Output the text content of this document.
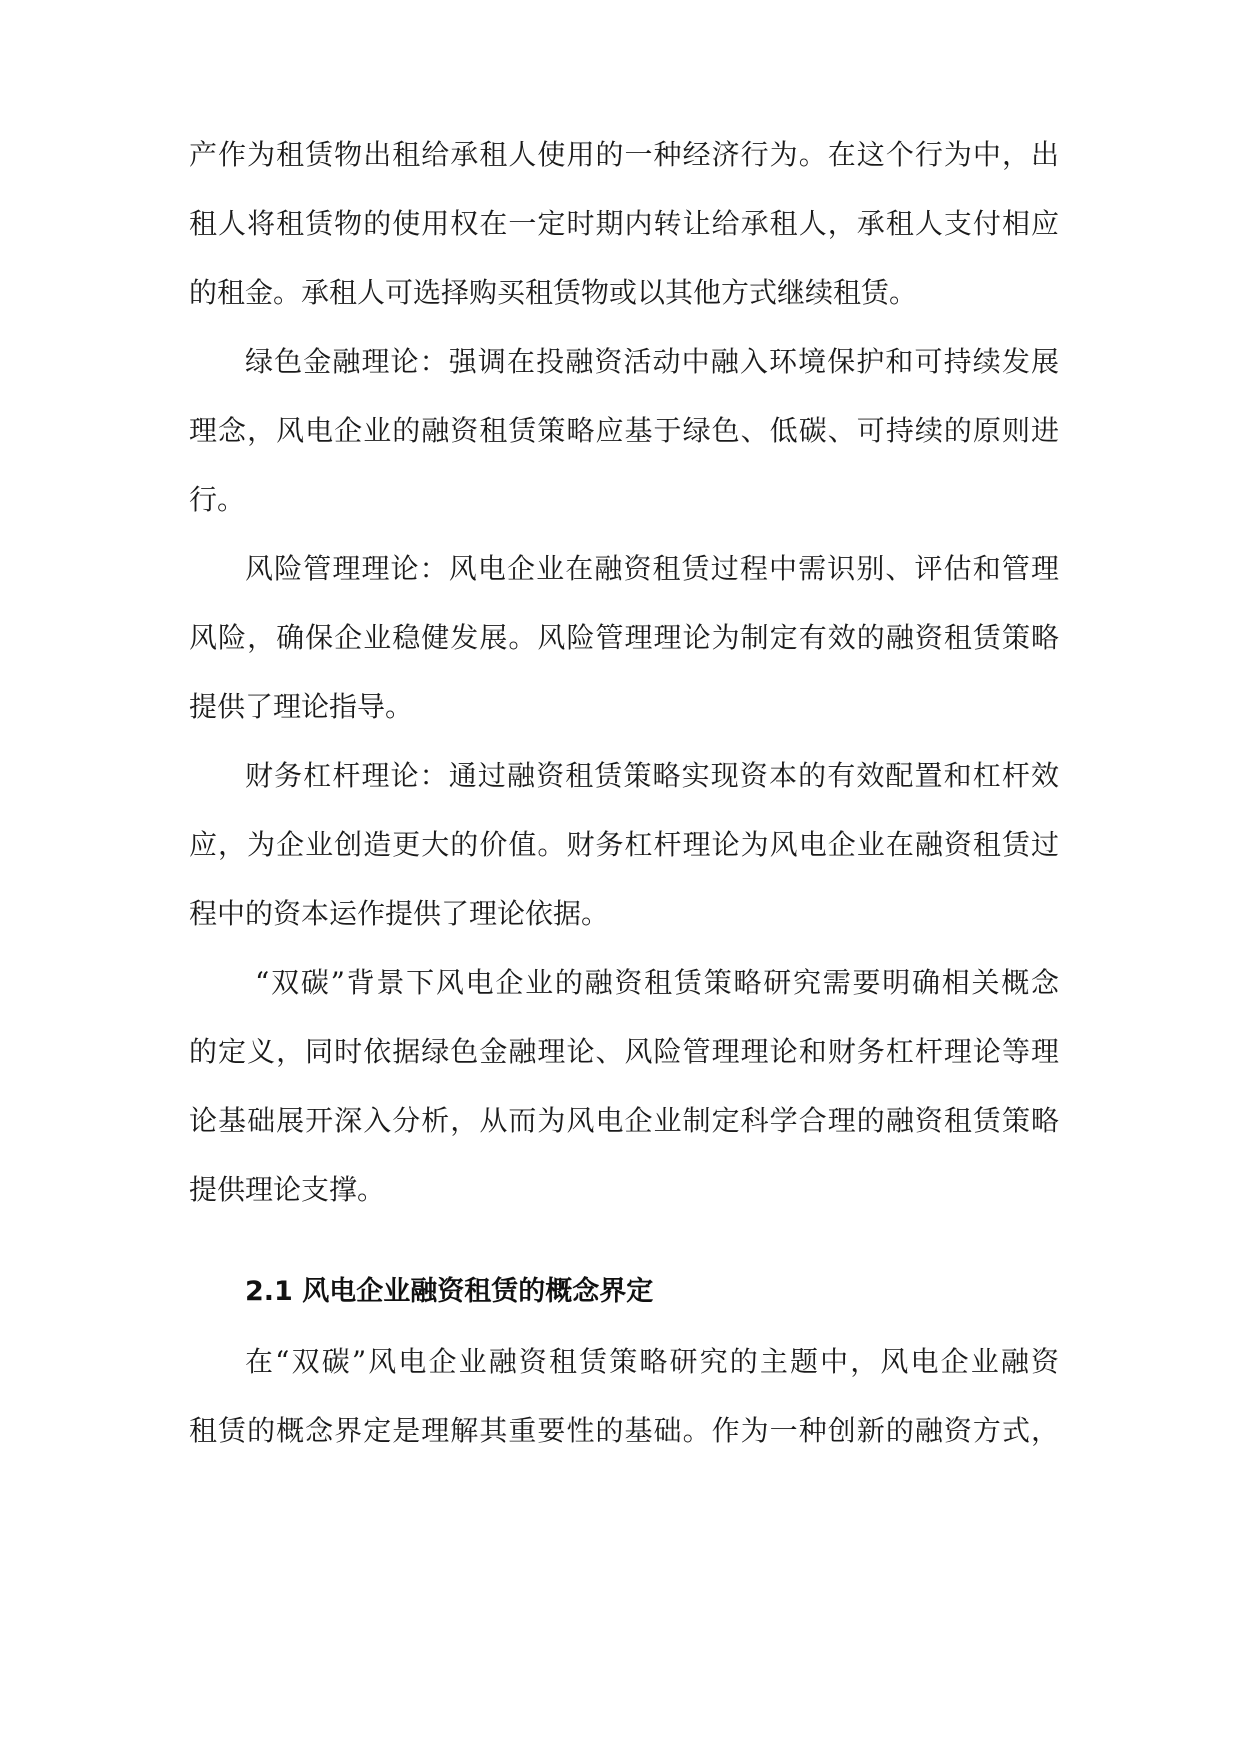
产作为租赁物出租给承租人使用的一种经济行为。在这个行为中，出
租人将租赁物的使用权在一定时期内转让给承租人，承租人支付相应
的租金。承租人可选择购买租赁物或以其他方式继续租赁。
绿色金融理论：强调在投融资活动中融入环境保护和可持续发展
理念，风电企业的融资租赁策略应基于绿色、低碳、可持续的原则进
行。
风险管理理论：风电企业在融资租赁过程中需识别、评估和管理
风险，确保企业稳健发展。风险管理理论为制定有效的融资租赁策略
提供了理论指导。
财务杠杆理论：通过融资租赁策略实现资本的有效配置和杠杆效
应，为企业创造更大的价值。财务杠杆理论为风电企业在融资租赁过
程中的资本运作提供了理论依据。
“双碳”背景下风电企业的融资租赁策略研究需要明确相关概念
的定义，同时依据绿色金融理论、风险管理理论和财务杠杆理论等理
论基础展开深入分析，从而为风电企业制定科学合理的融资租赁策略
提供理论支撑。
2.1 风电企业融资租赁的概念界定
在“双碳”风电企业融资租赁策略研究的主题中，风电企业融资
租赁的概念界定是理解其重要性的基础。作为一种创新的融资方式，
